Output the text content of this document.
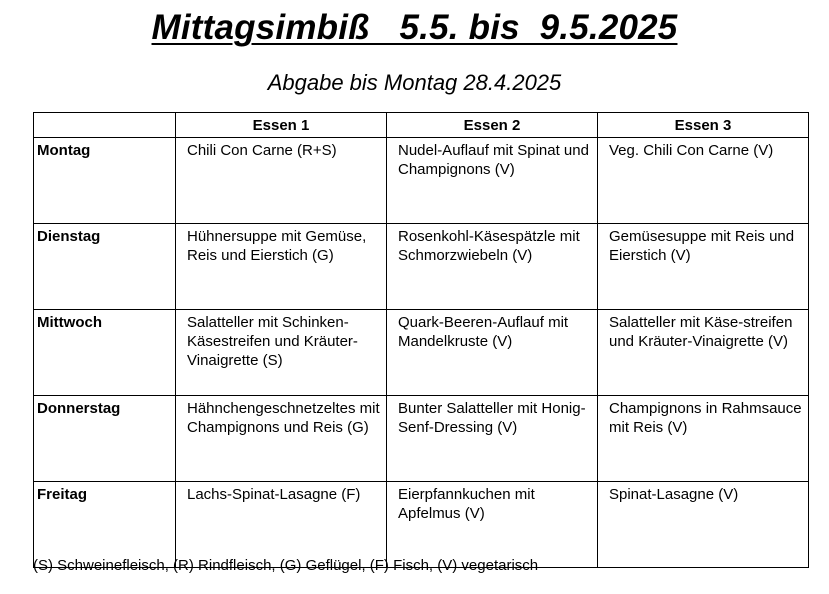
Mittagsimbiß   5.5. bis  9.5.2025
Abgabe bis Montag 28.4.2025
	Essen 1	Essen 2	Essen 3
Montag	Chili Con Carne (R+S)	Nudel-Auflauf mit Spinat und Champignons (V)	Veg. Chili Con Carne (V)
Dienstag	Hühnersuppe mit Gemüse, Reis und Eierstich (G)	Rosenkohl-Käsespätzle mit Schmorzwiebeln (V)	Gemüsesuppe mit Reis und Eierstich (V)
Mittwoch	Salatteller mit Schinken-Käsestreifen und Kräuter-Vinaigrette (S)	Quark-Beeren-Auflauf mit Mandelkruste (V)	Salatteller mit Käse-streifen und Kräuter-Vinaigrette (V)
Donnerstag	Hähnchengeschnetzeltes mit Champignons und Reis (G)	Bunter Salatteller mit Honig-Senf-Dressing (V)	Champignons in Rahmsauce mit Reis (V)
Freitag	Lachs-Spinat-Lasagne (F)	Eierpfannkuchen mit Apfelmus (V)	Spinat-Lasagne (V)
(S) Schweinefleisch, (R) Rindfleisch, (G) Geflügel, (F) Fisch, (V) vegetarisch
